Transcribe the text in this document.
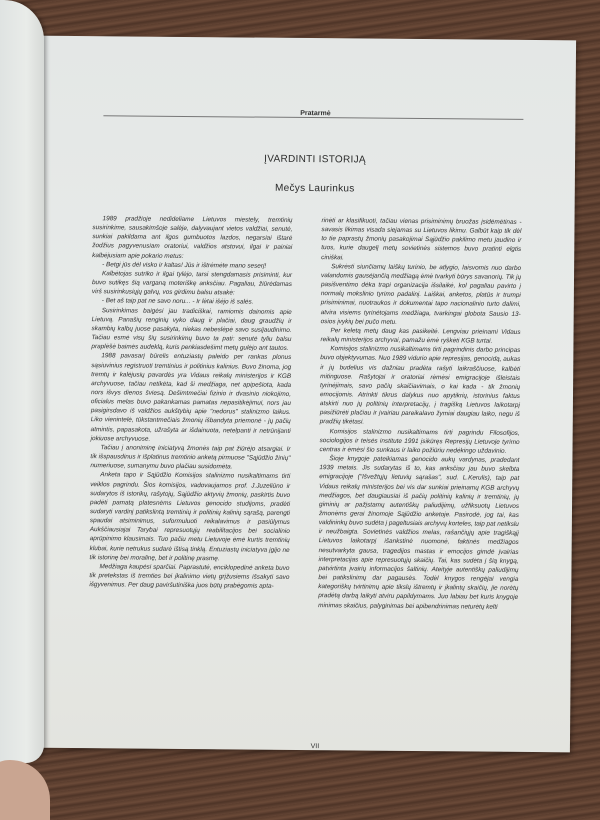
Pratarmė
ĮVARDINTI ISTORIJĄ
Mečys Laurinkus

1989 pradžioje nedideliame Lietuvos miestely, tremtinių susirinkime, sausakimšoje salėje, dalyvaujant vietos valdžiai, senutė, sunkiai pakildama ant ilgos gumbuotos lazdos, negarsiai ištarė žodžius pagyvenusiam oratoriui, valdžios atstovui, ilgai ir painiai kalbėjusiam apie pokario metus:

- Betgi jūs dėl visko ir kaltas! Jūs ir ištrėmėte mano seserį!

Kalbėtojas sutriko ir ilgai tylėjo, tarsi stengdamasis prisiminti, kur buvo sutikęs šią varganą moteriškę anksčiau. Pagaliau, žiūrėdamas virš susirinkusiųjų galvų, vos girdimu balsu atsakė:

- Bet aš taip pat ne savo noru... - Ir lėtai išėjo iš salės.

Susirinkimas baigėsi jau tradiciškai, ramiomis dainomis apie Lietuvą. Panašių renginių vyko daug ir plačiai, daug graudžių ir skambių kalbų juose pasakyta, niekas nebeslėpė savo susijaudinimo. Tačiau esmė visų šių susirinkimų buvo ta pati: senutė tyliu balsu praplėšė baimės audeklą, kuris penkiasdešimt metų gulėjo ant tautos.

1988 pavasarį būrelis entuziastų paleido per rankas plonus sąsiuvinius registruoti tremtinius ir politinius kalinius. Buvo žinoma, jog tremtų ir kalėjusių pavardės yra Vidaus reikalų ministerijos ir KGB archyvuose, tačiau netikėta, kad ši medžiaga, net apipešiota, kada nors išvys dienos šviesą. Dešimtmečiai fizinio ir dvasinio niokojimo, oficialus melas buvo pakankamas pamatas nepasitikėjimui, nors jau pasigirsdavo iš valdžios aukštybių apie "nedorus" stalinizmo laikus. Liko vienintelė, tūkstantmečiais žmonių išbandyta priemonė - jų pačių atmintis, papasakota, užrašyta ar išdainuota, netelpanti ir netrūnijanti jokiuose archyvuose.

Tačiau į anoniminę iniciatyvą žmonės taip pat žiūrėjo atsargiai. Ir tik išspausdinus ir išplatinus tremtinio anketą pirmuose "Sąjūdžio žinių" numeriuose, sumanymu buvo plačiau susidomėta.

Anketa tapo ir Sąjūdžio Komisijos stalinizmo nusikaltimams tirti veiklos pagrindu. Šios komisijos, vadovaujamos prof. J.Juzeliūno ir sudarytos iš istorikų, rašytojų, Sąjūdžio aktyvių žmonių, paskirtis buvo padėti pamatą platesnėms Lietuvos genocido studijoms, pradėti sudaryti vardinį patikslintą tremtinių ir politinių kalinių sąrašą, parengti spaudai atsiminimus, suformuluoti reikalavimus ir pasiūlymus Aukščiausiajai Tarybai represuotųjų reabilitacijos bei socialinio aprūpinimo klausimais. Tuo pačiu metu Lietuvoje ėmė kurtis tremtinių klubai, kurie netrukus sudarė ištisą tinklą. Entuziastų iniciatyva įgijo ne tik istorinę bei moralinę, bet ir politinę prasmę.

Medžiaga kaupėsi sparčiai. Paprastutė, enciklopedinė anketa buvo tik pretekstas iš tremties bei įkalinimo vietų grįžusiems išsakyti savo išgyvenimus. Per daug paviršutiniška juos būtų prabėgomis apta-

rinėti ar klasifikuoti, tačiau vienas prisiminimų bruožas įsidėmėtinas - savasis likimas visada siejamas su Lietuvos likimu. Galbūt kaip tik dėl to tie paprastų žmonių pasakojimai Sąjūdžio pakilimo metu jaudino ir tuos, kurie daugelį metų sovietinės sistemos buvo pratinti elgtis ciniškai.

Sukrėsti siunčiamų laiškų turinio, be atlygio, laisvomis nuo darbo valandomis gausėjančią medžiagą ėmė tvarkyti būrys savanorių. Tik jų pasišventimo dėka trapi organizacija išsilaikė, kol pagaliau pavirto į normalų mokslinio tyrimo padalinį. Laiškai, anketos, platūs ir trumpi prisiminimai, nuotraukos ir dokumentai tapo nacionalinio turto dalimi, atvira visiems tyrinėtojams medžiaga, tvarkingai globota Sausio 13-osios įvykių bei pučo metu.

Per keletą metų daug kas pasikeitė. Lengviau prieinami Vidaus reikalų ministerijos archyvai, pamažu ėmė ryškėti KGB turtai.

Komisijos stalinizmo nusikaltimams tirti pagrindinis darbo principas buvo objektyvumas. Nuo 1989 vidurio apie represijas, genocidą, aukas ir jų budelius vis dažniau pradėta rašyti laikraščiuose, kalbėti mitinguose. Rašytojai ir oratoriai rėmėsi emigracijoje išleistais tyrinėjimais, savo pačių skaičiavimais, o kai kada - tik žmonių emocijomis. Atrinkti tikrus dalykus nuo apytikrių, istorinius faktus atskirti nuo jų politinių interpretacijų, į tragišką Lietuvos laikotarpį pasižiūrėti plačiau ir įvairiau pareikalavo žymiai daugiau laiko, negu iš pradžių tikėtasi.

Komisijos stalinizmo nusikaltimams tirti pagrindu Filosofijos, sociologijos ir teisės institute 1991 įsikūręs Represijų Lietuvoje tyrimo centras ir ėmėsi šio sunkaus ir laiko požiūriu nedėkingo uždavinio.

Šioje knygoje pateikiamas genocido aukų vardynas, pradedant 1939 metais. Jis sudarytas iš to, kas anksčiau jau buvo skelbta emigracijoje ("Išvežtųjų lietuvių sąrašas", sud. L.Kerulis), taip pat Vidaus reikalų ministerijos bei vis dar sunkiai prieinamų KGB archyvų medžiagos, bet daugiausiai iš pačių politinių kalinių ir tremtinių, jų giminių ar pažįstamų autentiškų paliudijimų, užfiksuotų Lietuvos žmonėms gerai žinomoje Sąjūdžio anketoje. Pasirodė, jog tai, kas valdininkų buvo sudėta į pageltusiais archyvų korteles, taip pat netikslu ir neužbaigta. Sovietinės valdžios melas, rašančiųjų apie tragiškąjį Lietuvos laikotarpį išankstinė nuomonė, faktinės medžiagos nesutvarkyta gausa, tragedijos mastas ir emocijos gimdė įvairias interpretacijas apie represuotųjų skaičių. Tai, kas sudėta į šią knygą, patvirtinta įvairių informacijos šaltinių. Ateityje autentiškų paliudijimų bei patikslinimų dar pagausės. Todėl knygos rengėjai vengia kategoriškų tvirtinimų apie tikslų ištremtų ir įkalintų skaičių, jie norėtų pradėtą darbą laikyti atviru papildymams. Juo labiau bet kuris knygoje minimas skaičius, palyginimas bei apibendrinimas neturėtų kelti

VII
